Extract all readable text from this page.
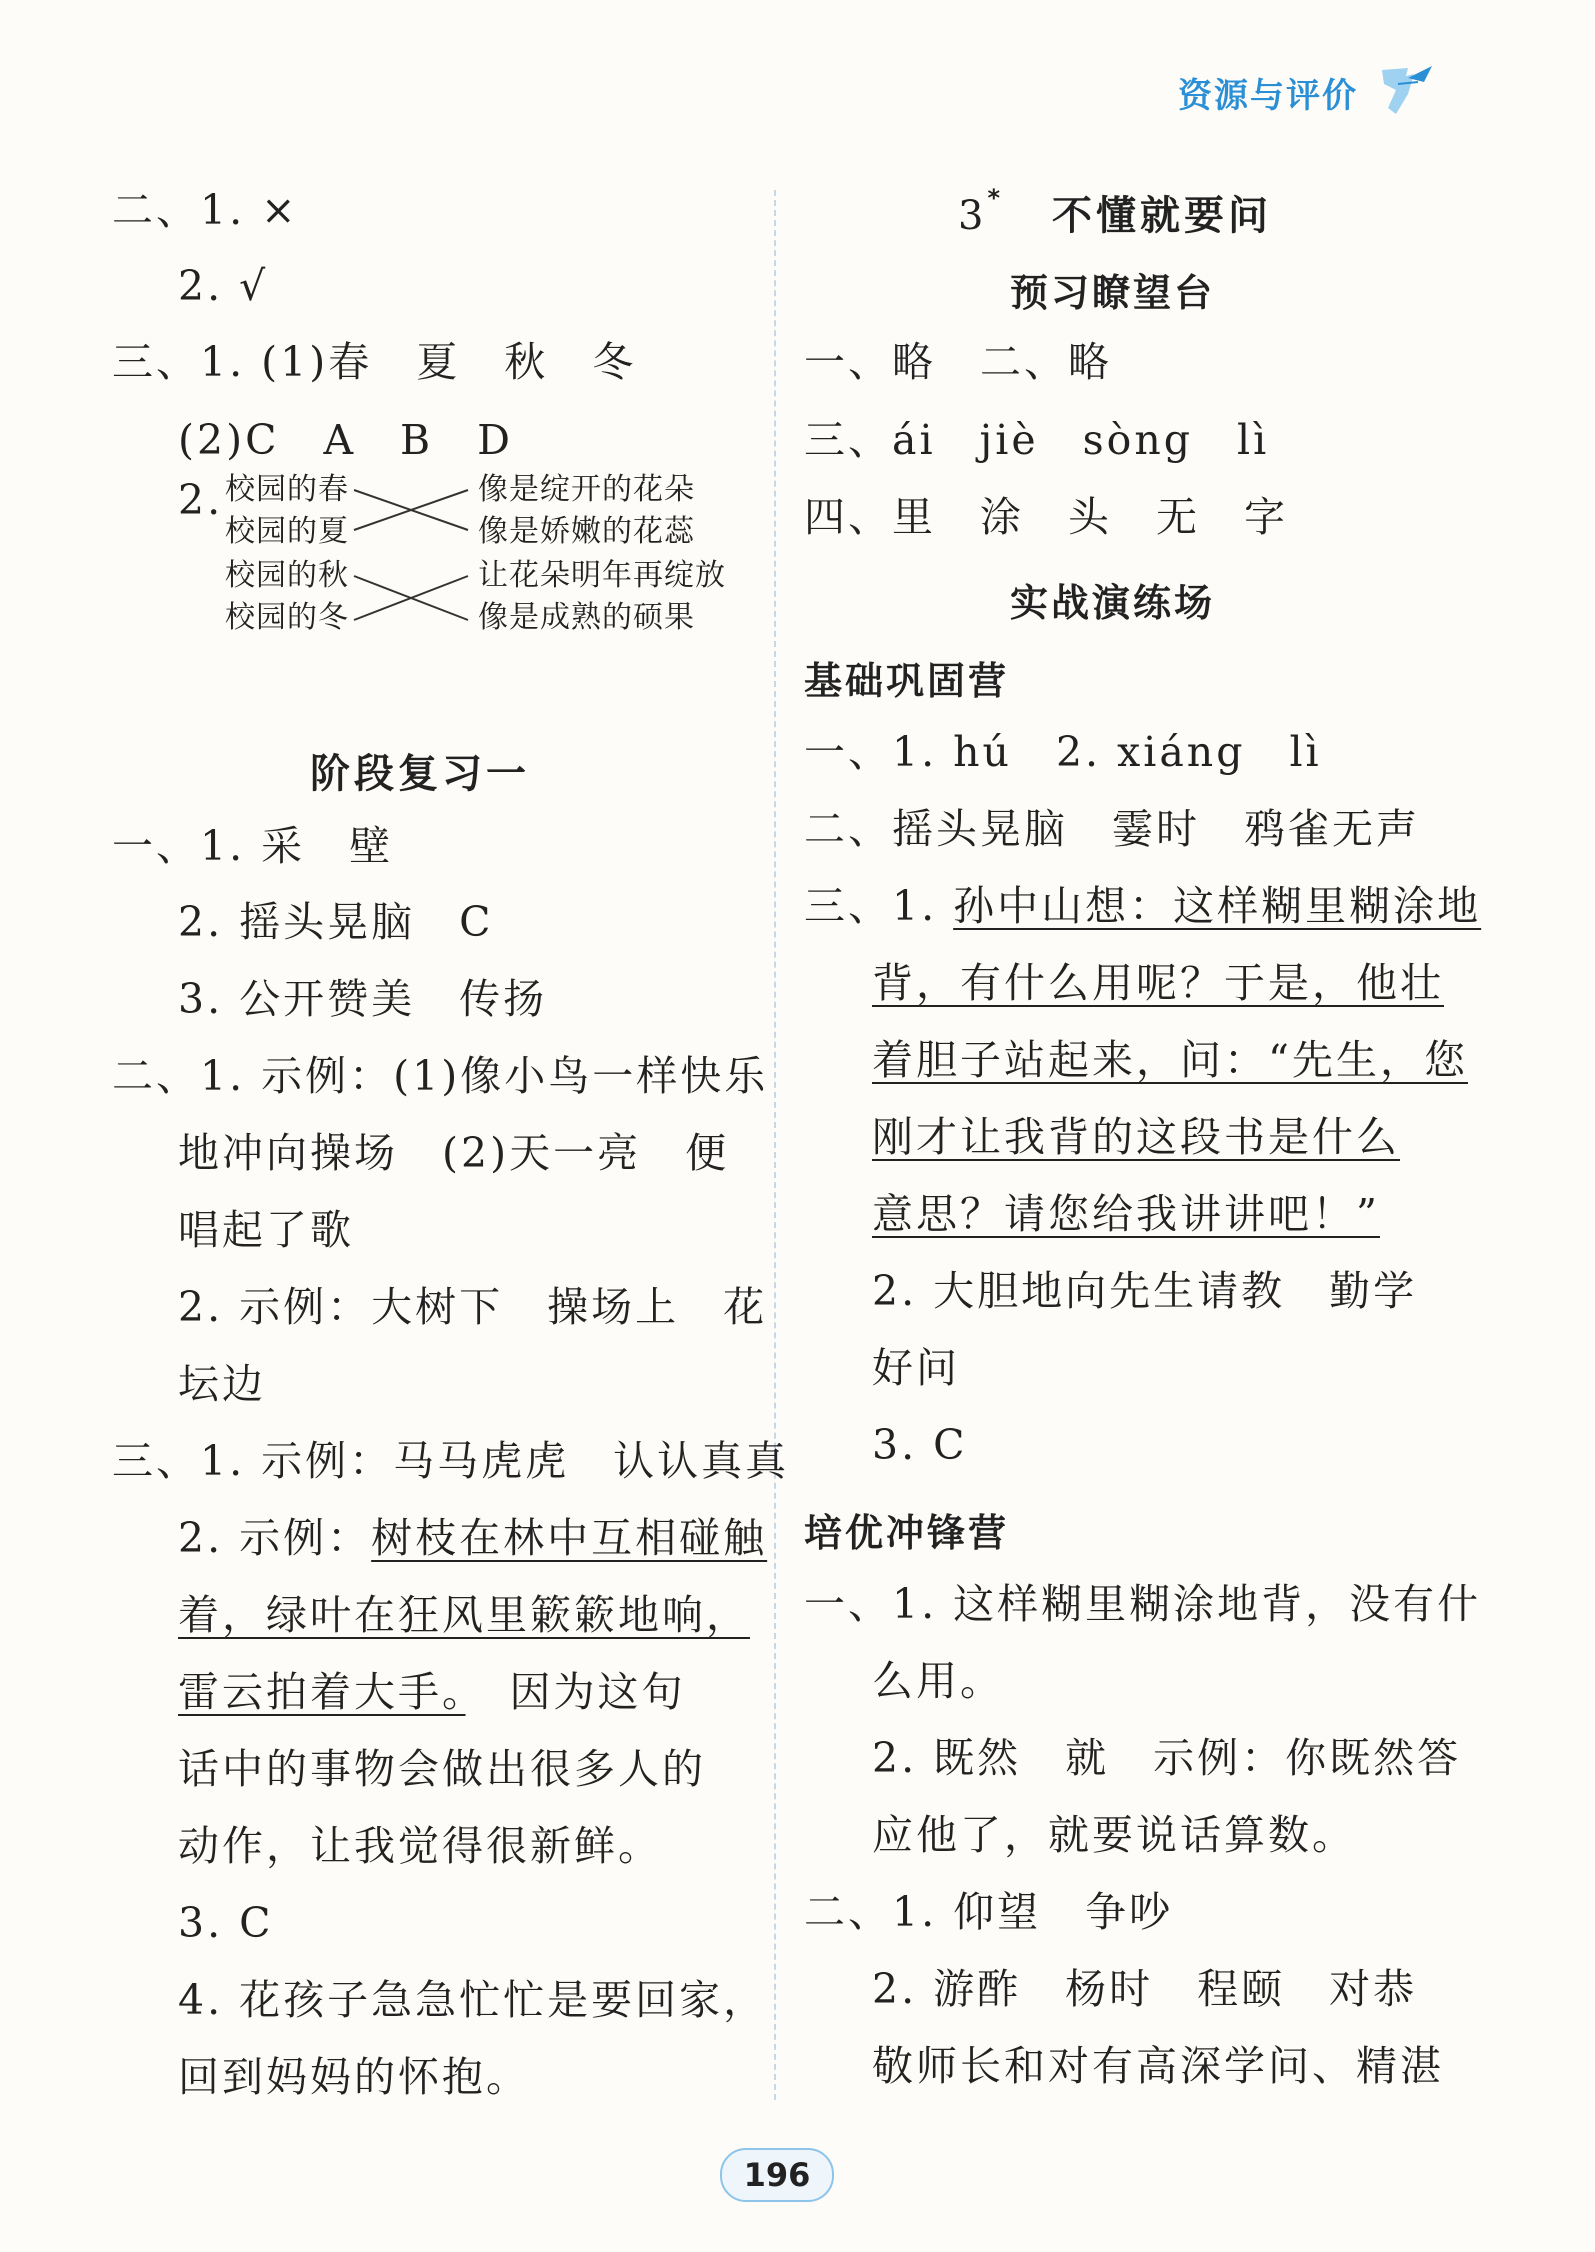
资源与评价
二、1. ×
2. √
三、1. (1)春　夏　秋　冬
(2)C　A　B　D
2. 校园的春
校园的夏
校园的秋
校园的冬
像是绽开的花朵
像是娇嫩的花蕊
让花朵明年再绽放
像是成熟的硕果
阶段复习一
一、1. 采　壁
2. 摇头晃脑　C
3. 公开赞美　传扬
二、1. 示例：(1)像小鸟一样快乐
地冲向操场　(2)天一亮　便
唱起了歌
2. 示例：大树下　操场上　花
坛边
三、1. 示例：马马虎虎　认认真真
2. 示例：树枝在林中互相碰触
着，绿叶在狂风里簌簌地响，
雷云拍着大手。　因为这句
话中的事物会做出很多人的
动作，让我觉得很新鲜。
3. C
4. 花孩子急急忙忙是要回家，
回到妈妈的怀抱。
3* 不懂就要问
预习瞭望台
一、略　二、略
三、ái　jiè　sòng　lì
四、里　涂　头　无　字
实战演练场
基础巩固营
一、1. hú　2. xiáng　lì
二、摇头晃脑　霎时　鸦雀无声
三、1. 孙中山想：这样糊里糊涂地
背，有什么用呢？于是，他壮
着胆子站起来，问：“先生，您
刚才让我背的这段书是什么
意思？请您给我讲讲吧！”
2. 大胆地向先生请教　勤学
好问
3. C
培优冲锋营
一、1. 这样糊里糊涂地背，没有什
么用。
2. 既然　就　示例：你既然答
应他了，就要说话算数。
二、1. 仰望　争吵
2. 游酢　杨时　程颐　对恭
敬师长和对有高深学问、精湛
196
